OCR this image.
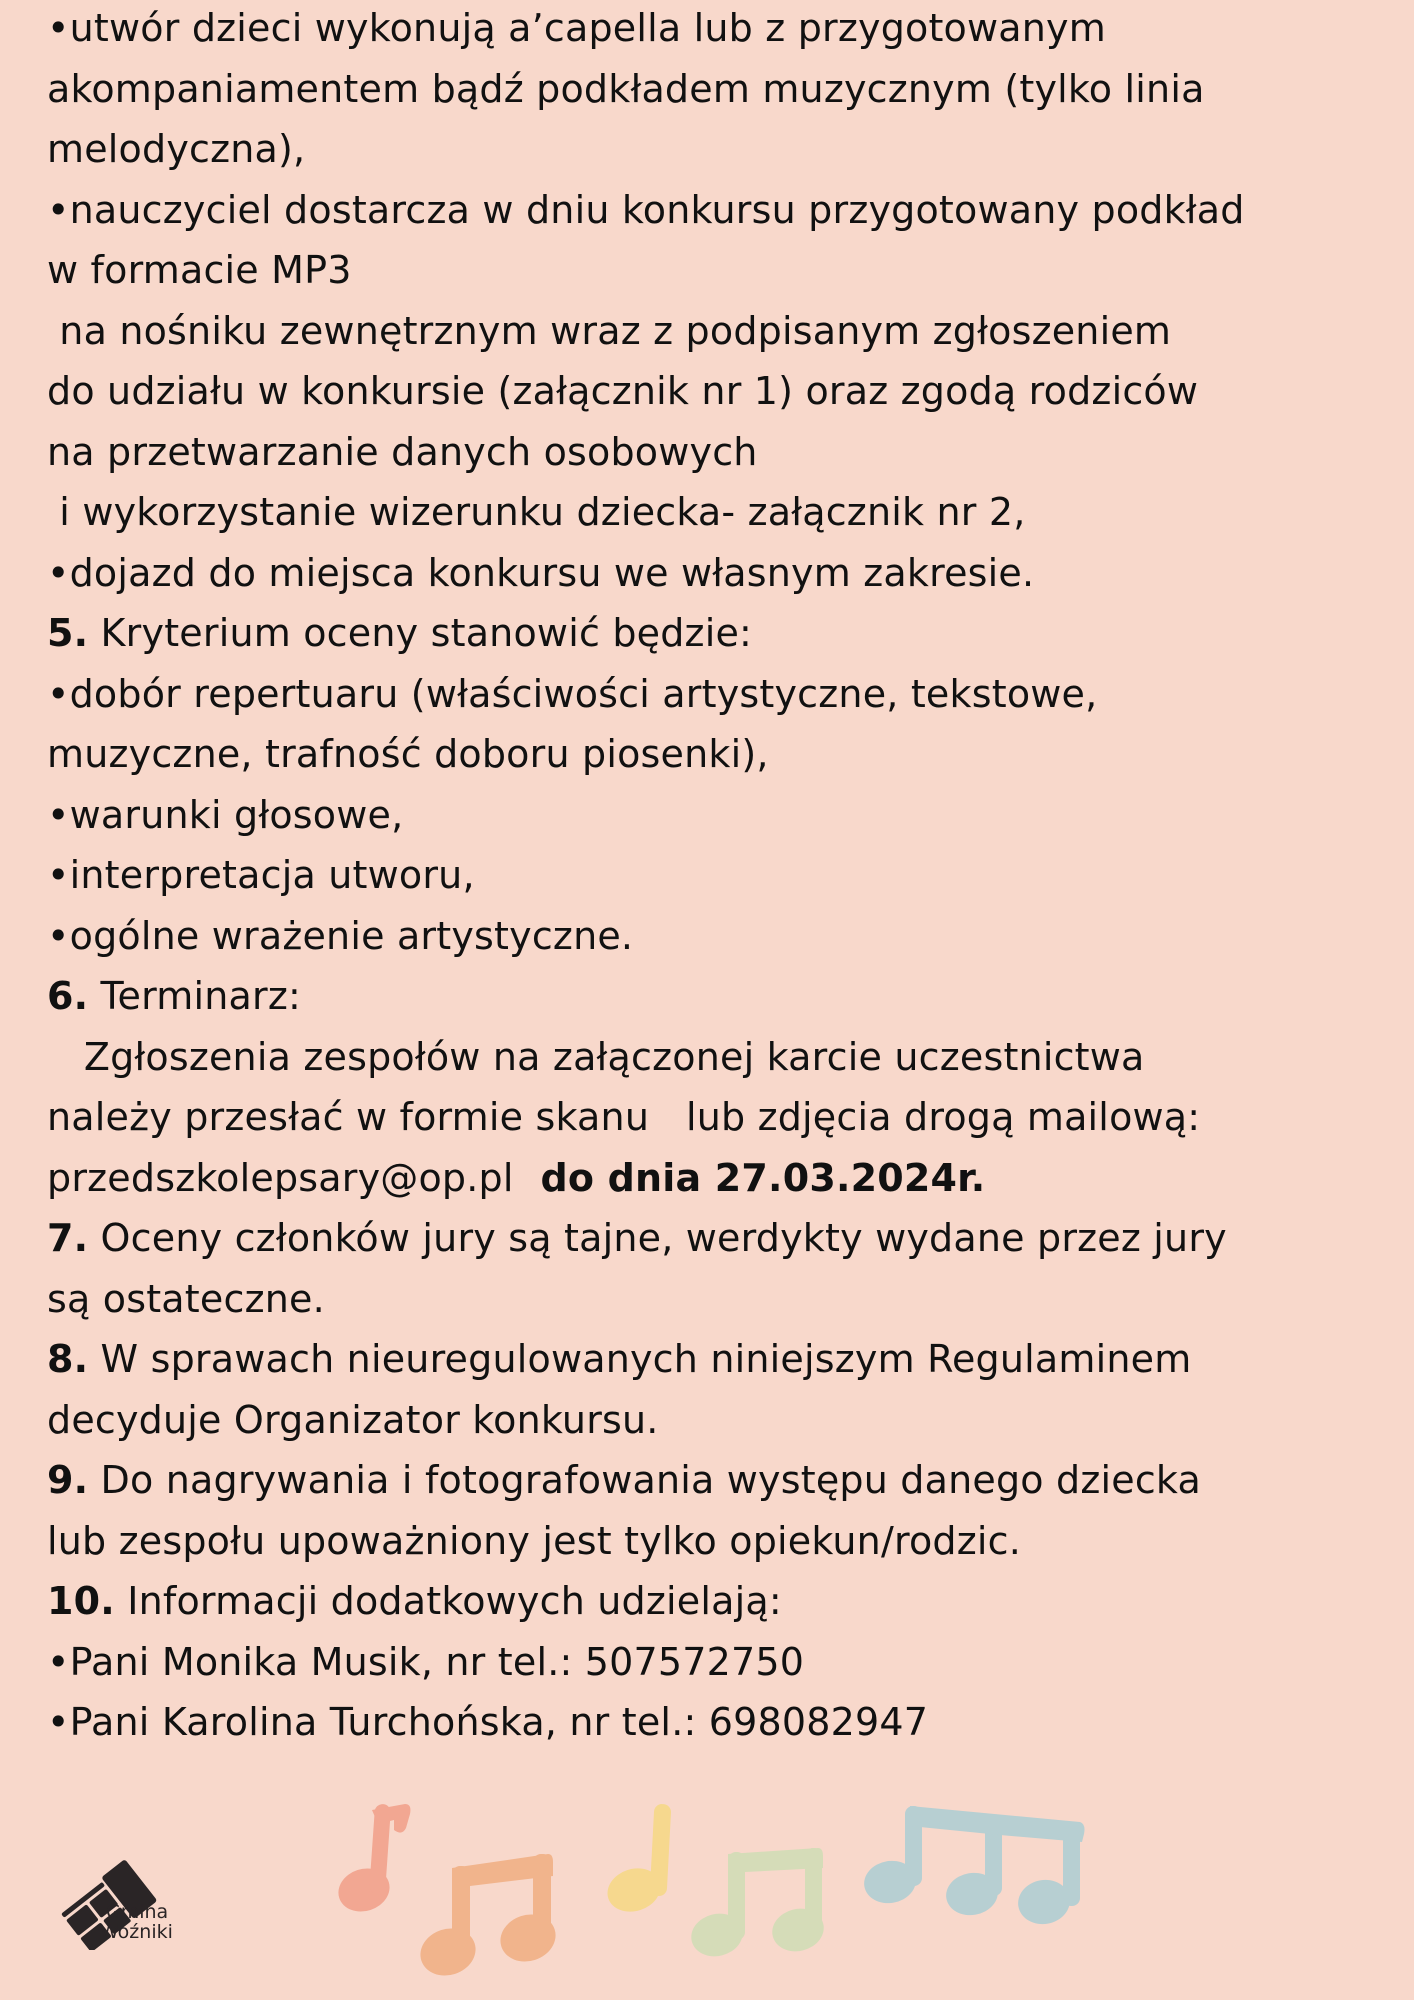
•utwór dzieci wykonują a’capella lub z przygotowanym
akompaniamentem bądź podkładem muzycznym (tylko linia
melodyczna),
•nauczyciel dostarcza w dniu konkursu przygotowany podkład
w formacie MP3
na nośniku zewnętrznym wraz z podpisanym zgłoszeniem
do udziału w konkursie (załącznik nr 1) oraz zgodą rodziców
na przetwarzanie danych osobowych
i wykorzystanie wizerunku dziecka- załącznik nr 2,
•dojazd do miejsca konkursu we własnym zakresie.
5. Kryterium oceny stanowić będzie:
•dobór repertuaru (właściwości artystyczne, tekstowe,
muzyczne, trafność doboru piosenki),
•warunki głosowe,
•interpretacja utworu,
•ogólne wrażenie artystyczne.
6. Terminarz:
Zgłoszenia zespołów na załączonej karcie uczestnictwa
należy przesłać w formie skanu   lub zdjęcia drogą mailową:
przedszkolepsary@op.pl  do dnia 27.03.2024r.
7. Oceny członków jury są tajne, werdykty wydane przez jury
są ostateczne.
8. W sprawach nieuregulowanych niniejszym Regulaminem
decyduje Organizator konkursu.
9. Do nagrywania i fotografowania występu danego dziecka
lub zespołu upoważniony jest tylko opiekun/rodzic.
10. Informacji dodatkowych udzielają:
•Pani Monika Musik, nr tel.: 507572750
•Pani Karolina Turchońska, nr tel.: 698082947
Gmina
Woźniki
